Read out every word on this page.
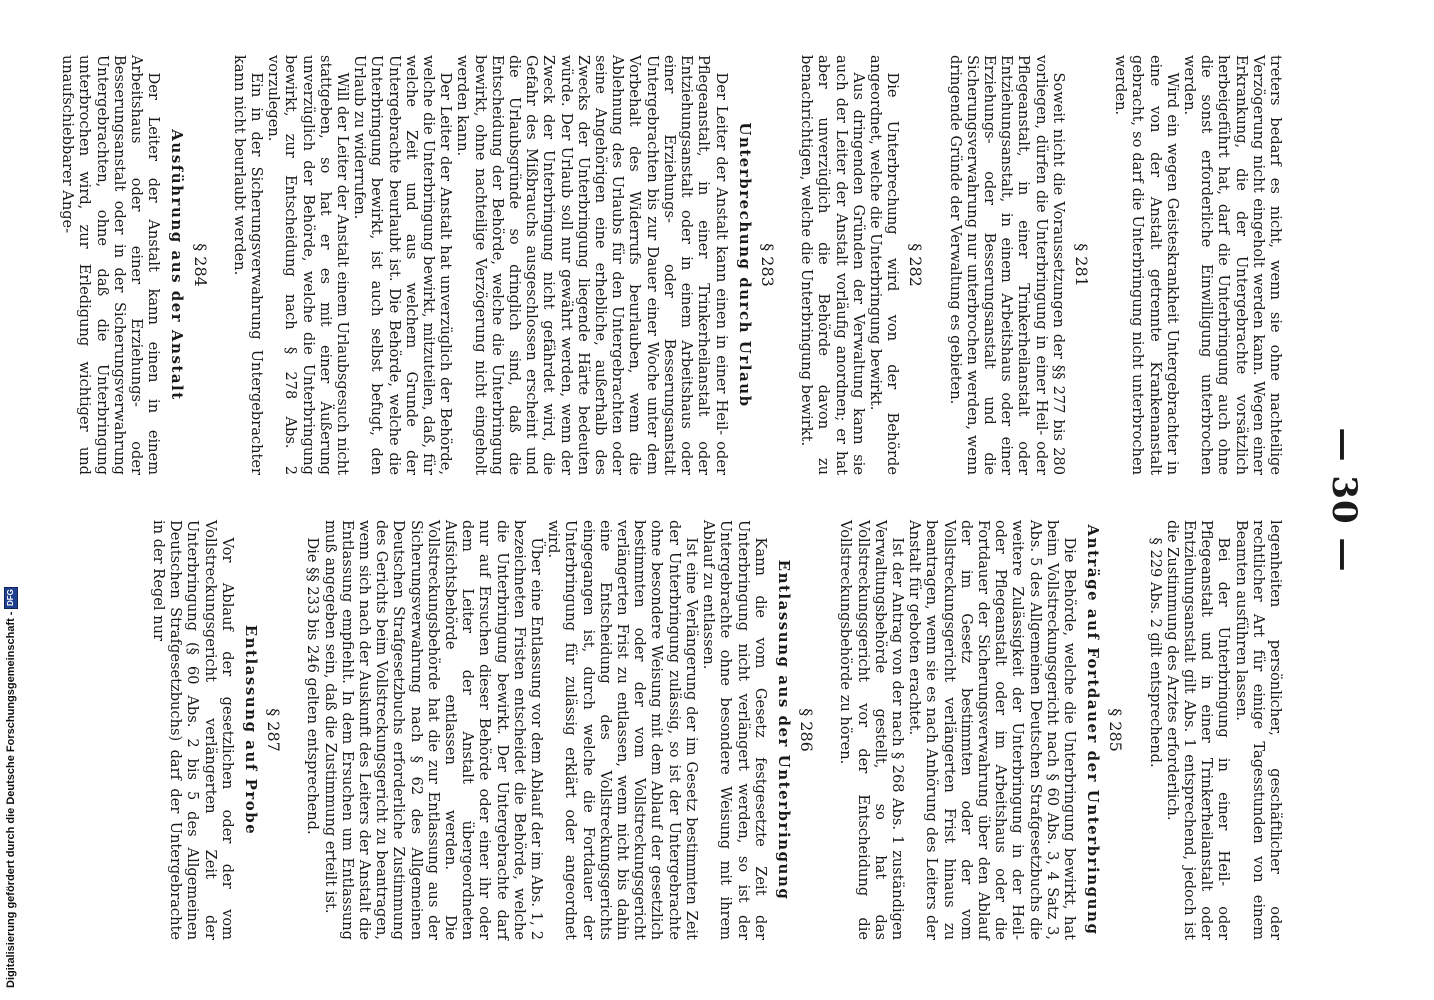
— 30 —

treters bedarf es nicht, wenn sie ohne nachteilige Verzögerung nicht eingeholt werden kann. Wegen einer Erkrankung, die der Untergebrachte vorsätzlich herbeigeführt hat, darf die Unterbringung auch ohne die sonst erforderliche Einwilligung unterbrochen werden.

Wird ein wegen Geisteskrankheit Untergebrachter in eine von der Anstalt getrennte Krankenanstalt gebracht, so darf die Unterbringung nicht unterbrochen werden.

§ 281

Soweit nicht die Voraussetzungen der §§ 277 bis 280 vorliegen, dürfen die Unterbringung in einer Heil- oder Pflegeanstalt, in einer Trinkerheilanstalt oder Entziehungsanstalt, in einem Arbeitshaus oder einer Erziehungs- oder Besserungsanstalt und die Sicherungsverwahrung nur unterbrochen werden, wenn dringende Gründe der Verwaltung es gebieten.

§ 282

Die Unterbrechung wird von der Behörde angeordnet, welche die Unterbringung bewirkt.

Aus dringenden Gründen der Verwaltung kann sie auch der Leiter der Anstalt vorläufig anordnen; er hat aber unverzüglich die Behörde davon zu benachrichtigen, welche die Unterbringung bewirkt.

§ 283
Unterbrechung durch Urlaub

Der Leiter der Anstalt kann einen in einer Heil- oder Pflegeanstalt, in einer Trinkerheilanstalt oder Entziehungsanstalt oder in einem Arbeitshaus oder einer Erziehungs- oder Besserungsanstalt Untergebrachten bis zur Dauer einer Woche unter dem Vorbehalt des Widerrufs beurlauben, wenn die Ablehnung des Urlaubs für den Untergebrachten oder seine Angehörigen eine erhebliche, außerhalb des Zwecks der Unterbringung liegende Härte bedeuten würde. Der Urlaub soll nur gewährt werden, wenn der Zweck der Unterbringung nicht gefährdet wird, die Gefahr des Mißbrauchs ausgeschlossen erscheint und die Urlaubsgründe so dringlich sind, daß die Entscheidung der Behörde, welche die Unterbringung bewirkt, ohne nachteilige Verzögerung nicht eingeholt werden kann.

Der Leiter der Anstalt hat unverzüglich der Behörde, welche die Unterbringung bewirkt, mitzuteilen, daß, für welche Zeit und aus welchem Grunde der Untergebrachte beurlaubt ist. Die Behörde, welche die Unterbringung bewirkt, ist auch selbst befugt, den Urlaub zu widerrufen.

Will der Leiter der Anstalt einem Urlaubsgesuch nicht stattgeben, so hat er es mit einer Äußerung unverzüglich der Behörde, welche die Unterbringung bewirkt, zur Entscheidung nach § 278 Abs. 2 vorzulegen.

Ein in der Sicherungsverwahrung Untergebrachter kann nicht beurlaubt werden.

§ 284
Ausführung aus der Anstalt

Der Leiter der Anstalt kann einen in einem Arbeitshaus oder einer Erziehungs- oder Besserungsanstalt oder in der Sicherungsverwahrung Untergebrachten, ohne daß die Unterbringung unterbrochen wird, zur Erledigung wichtiger und unaufschiebbarer Ange-

legenheiten persönlicher, geschäftlicher oder rechtlicher Art für einige Tagesstunden von einem Beamten ausführen lassen.

Bei der Unterbringung in einer Heil- oder Pflegeanstalt und in einer Trinkerheilanstalt oder Entziehungsanstalt gilt Abs. 1 entsprechend, jedoch ist die Zustimmung des Arztes erforderlich.

§ 229 Abs. 2 gilt entsprechend.

§ 285
Anträge auf Fortdauer der Unterbringung

Die Behörde, welche die Unterbringung bewirkt, hat beim Vollstreckungsgericht nach § 60 Abs. 3, 4 Satz 3, Abs. 5 des Allgemeinen Deutschen Strafgesetzbuchs die weitere Zulässigkeit der Unterbringung in der Heil- oder Pflegeanstalt oder im Arbeitshaus oder die Fortdauer der Sicherungsverwahrung über den Ablauf der im Gesetz bestimmten oder der vom Vollstreckungsgericht verlängerten Frist hinaus zu beantragen, wenn sie es nach Anhörung des Leiters der Anstalt für geboten erachtet.

Ist der Antrag von der nach § 268 Abs. 1 zuständigen Verwaltungsbehörde gestellt, so hat das Vollstreckungsgericht vor der Entscheidung die Vollstreckungsbehörde zu hören.

§ 286
Entlassung aus der Unterbringung

Kann die vom Gesetz festgesetzte Zeit der Unterbringung nicht verlängert werden, so ist der Untergebrachte ohne besondere Weisung mit ihrem Ablauf zu entlassen.

Ist eine Verlängerung der im Gesetz bestimmten Zeit der Unterbringung zulässig, so ist der Untergebrachte ohne besondere Weisung mit dem Ablauf der gesetzlich bestimmten oder der vom Vollstreckungsgericht verlängerten Frist zu entlassen, wenn nicht bis dahin eine Entscheidung des Vollstreckungsgerichts eingegangen ist, durch welche die Fortdauer der Unterbringung für zulässig erklärt oder angeordnet wird.

Über eine Entlassung vor dem Ablauf der im Abs. 1, 2 bezeichneten Fristen entscheidet die Behörde, welche die Unterbringung bewirkt. Der Untergebrachte darf nur auf Ersuchen dieser Behörde oder einer ihr oder dem Leiter der Anstalt übergeordneten Aufsichtsbehörde entlassen werden. Die Vollstreckungsbehörde hat die zur Entlassung aus der Sicherungsverwahrung nach § 62 des Allgemeinen Deutschen Strafgesetzbuchs erforderliche Zustimmung des Gerichts beim Vollstreckungsgericht zu beantragen, wenn sich nach der Auskunft des Leiters der Anstalt die Entlassung empfiehlt. In dem Ersuchen um Entlassung muß angegeben sein, daß die Zustimmung erteilt ist.

Die §§ 233 bis 246 gelten entsprechend.

§ 287
Entlassung auf Probe

Vor Ablauf der gesetzlichen oder der vom Vollstreckungsgericht verlängerten Zeit der Unterbringung (§ 60 Abs. 2 bis 5 des Allgemeinen Deutschen Strafgesetzbuchs) darf der Untergebrachte in der Regel nur

Digitalisierung gefördert durch die Deutsche Forschungsgemeinschaft
-
DFG
